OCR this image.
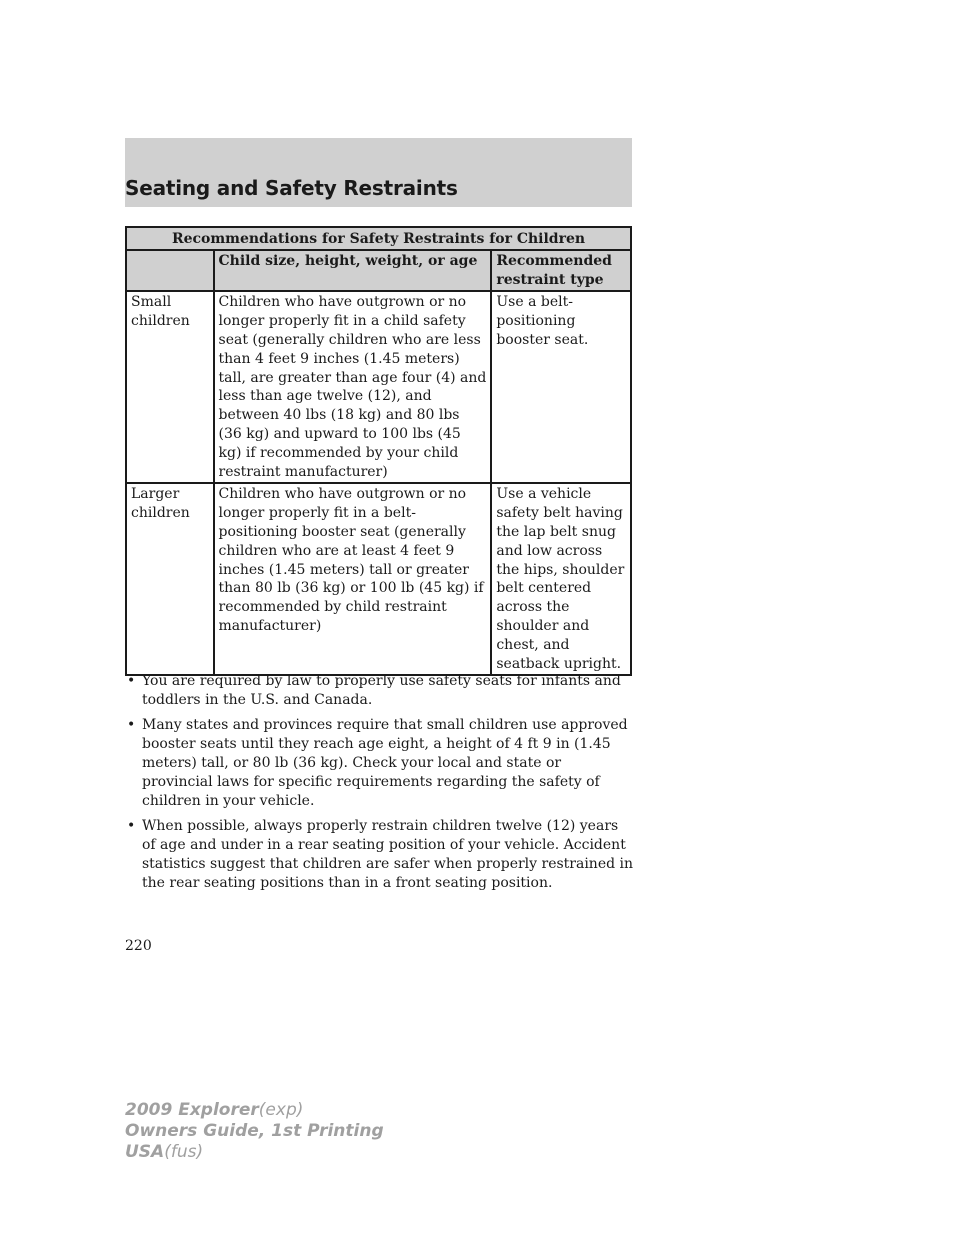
Seating and Safety Restraints
Recommendations for Safety Restraints for Children		
	Child size, height, weight, or age	Recommended restraint type
Small children	Children who have outgrown or no longer properly fit in a child safety seat (generally children who are less than 4 feet 9 inches (1.45 meters) tall, are greater than age four (4) and less than age twelve (12), and between 40 lbs (18 kg) and 80 lbs (36 kg) and upward to 100 lbs (45 kg) if recommended by your child restraint manufacturer)	Use a belt-positioning booster seat.
Larger children	Children who have outgrown or no longer properly fit in a belt-positioning booster seat (generally children who are at least 4 feet 9 inches (1.45 meters) tall or greater than 80 lb (36 kg) or 100 lb (45 kg) if recommended by child restraint manufacturer)	Use a vehicle safety belt having the lap belt snug and low across the hips, shoulder belt centered across the shoulder and chest, and seatback upright.
• You are required by law to properly use safety seats for infants and toddlers in the U.S. and Canada.
• Many states and provinces require that small children use approved booster seats until they reach age eight, a height of 4 ft 9 in (1.45 meters) tall, or 80 lb (36 kg). Check your local and state or provincial laws for specific requirements regarding the safety of children in your vehicle.
• When possible, always properly restrain children twelve (12) years of age and under in a rear seating position of your vehicle. Accident statistics suggest that children are safer when properly restrained in the rear seating positions than in a front seating position.
220
2009 Explorer(exp)
Owners Guide, 1st Printing
USA(fus)
